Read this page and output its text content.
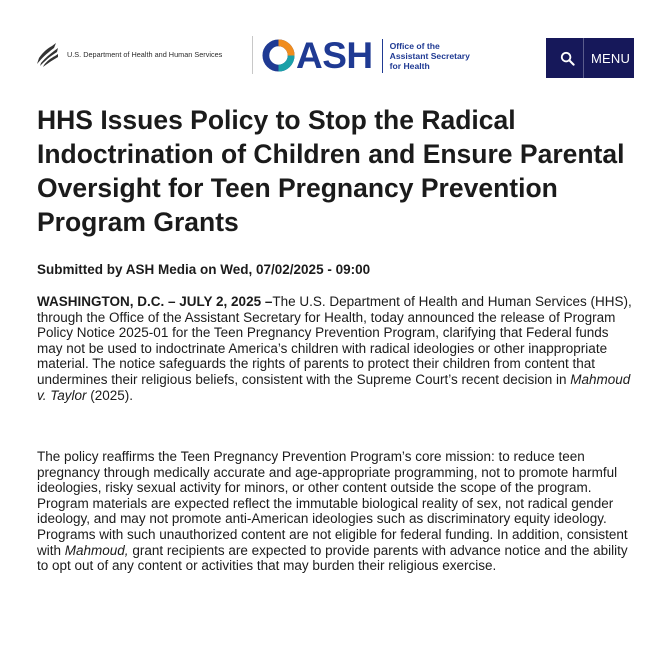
U.S. Department of Health and Human Services ASH Office of the
Assistant Secretary
for Health	MENU
HHS Issues Policy to Stop the Radical Indoctrination of Children and Ensure Parental Oversight for Teen Pregnancy Prevention Program Grants
Submitted by ASH Media on Wed, 07/02/2025 - 09:00

WASHINGTON, D.C. – JULY 2, 2025 –The U.S. Department of Health and Human Services (HHS), through the Office of the Assistant Secretary for Health, today announced the release of Program Policy Notice 2025-01 for the Teen Pregnancy Prevention Program, clarifying that Federal funds may not be used to indoctrinate America’s children with radical ideologies or other inappropriate material. The notice safeguards the rights of parents to protect their children from content that undermines their religious beliefs, consistent with the Supreme Court’s recent decision in Mahmoud v. Taylor (2025).

The policy reaffirms the Teen Pregnancy Prevention Program’s core mission: to reduce teen pregnancy through medically accurate and age-appropriate programming, not to promote harmful ideologies, risky sexual activity for minors, or other content outside the scope of the program. Program materials are expected reflect the immutable biological reality of sex, not radical gender ideology, and may not promote anti-American ideologies such as discriminatory equity ideology. Programs with such unauthorized content are not eligible for federal funding. In addition, consistent with Mahmoud, grant recipients are expected to provide parents with advance notice and the ability to opt out of any content or activities that may burden their religious exercise.
